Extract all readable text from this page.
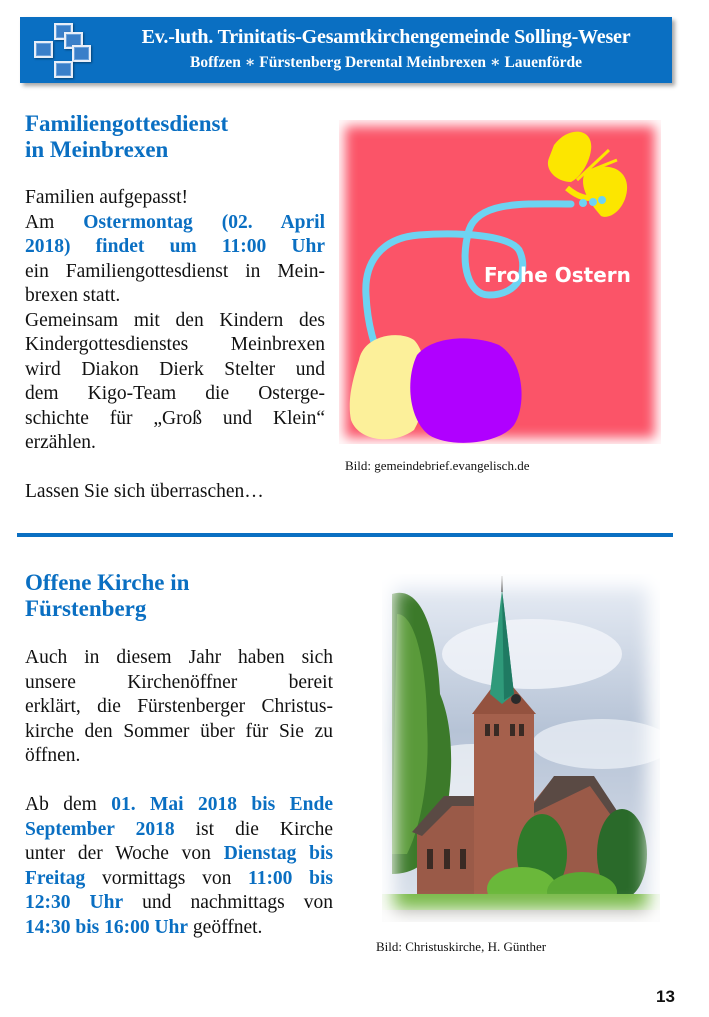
Ev.-luth. Trinitatis-Gesamtkirchengemeinde Solling-Weser
Boffzen ∗ Fürstenberg Derental Meinbrexen ∗ Lauenförde
Familiengottesdienst
in Meinbrexen
Familien aufgepasst!
Am Ostermontag (02. April
2018) findet um 11:00 Uhr
ein Familiengottesdienst in Mein-
brexen statt.
Gemeinsam mit den Kindern des
Kindergottesdienstes Meinbrexen
wird Diakon Dierk Stelter und
dem Kigo-Team die Osterge-
schichte für „Groß und Klein“
erzählen.

Lassen Sie sich überraschen…
Frohe Ostern
Bild: gemeindebrief.evangelisch.de
Offene Kirche in
Fürstenberg
Auch in diesem Jahr haben sich
unsere Kirchenöffner bereit
erklärt, die Fürstenberger Christus-
kirche den Sommer über für Sie zu
öffnen.

Ab dem 01. Mai 2018 bis Ende
September 2018 ist die Kirche
unter der Woche von Dienstag bis
Freitag vormittags von 11:00 bis
12:30 Uhr und nachmittags von
14:30 bis 16:00 Uhr geöffnet.
Bild: Christuskirche, H. Günther
13
